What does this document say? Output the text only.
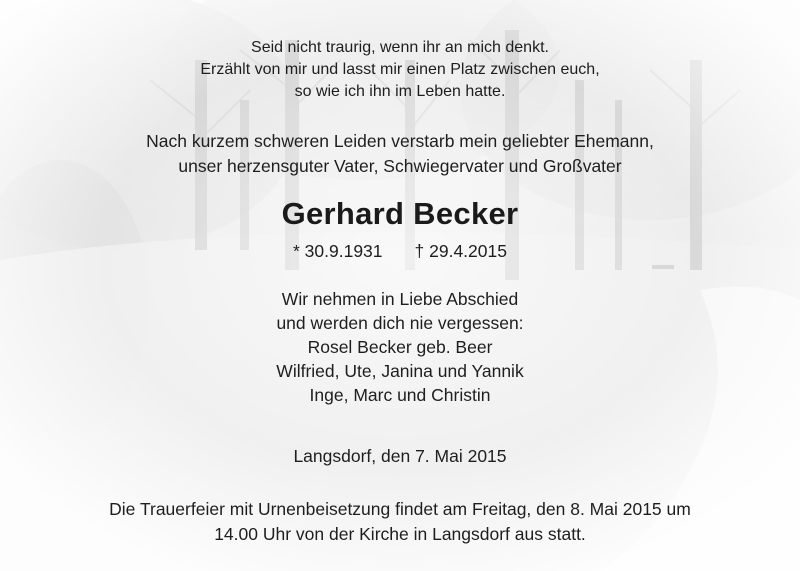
Seid nicht traurig, wenn ihr an mich denkt.
Erzählt von mir und lasst mir einen Platz zwischen euch,
so wie ich ihn im Leben hatte.
Nach kurzem schweren Leiden verstarb mein geliebter Ehemann,
unser herzensguter Vater, Schwiegervater und Großvater
Gerhard Becker
* 30.9.1931 † 29.4.2015
Wir nehmen in Liebe Abschied
und werden dich nie vergessen:
Rosel Becker geb. Beer
Wilfried, Ute, Janina und Yannik
Inge, Marc und Christin
Langsdorf, den 7. Mai 2015
Die Trauerfeier mit Urnenbeisetzung findet am Freitag, den 8. Mai 2015 um
14.00 Uhr von der Kirche in Langsdorf aus statt.
